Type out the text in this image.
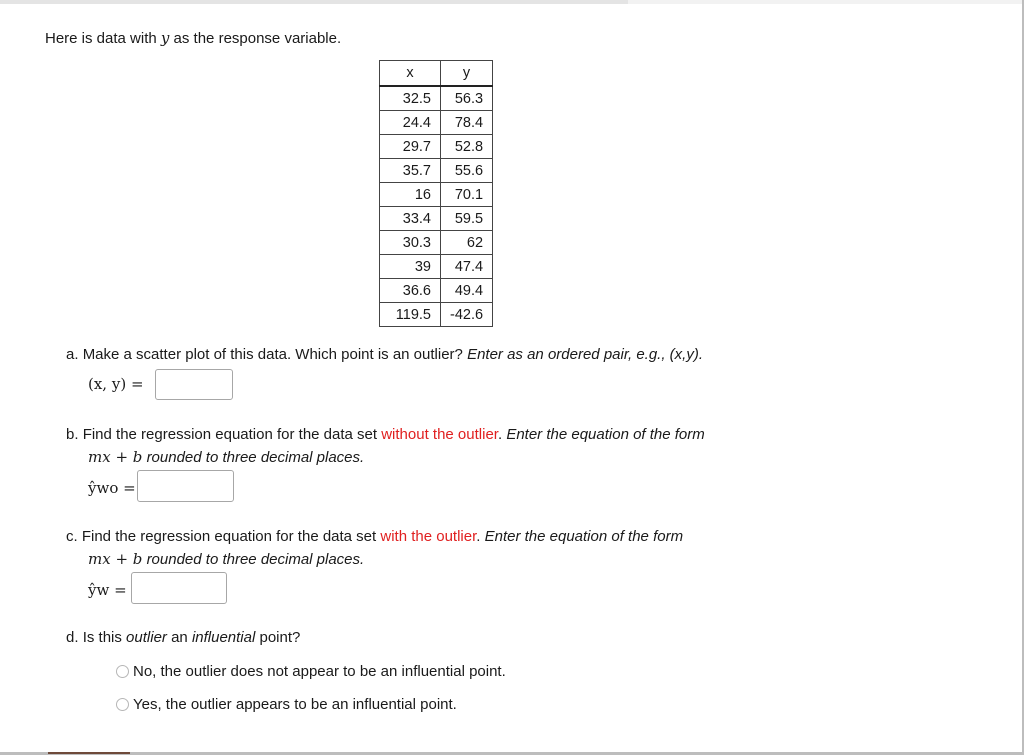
Here is data with y as the response variable.
x	y
32.5	56.3
24.4	78.4
29.7	52.8
35.7	55.6
16	70.1
33.4	59.5
30.3	62
39	47.4
36.6	49.4
119.5	-42.6
a. Make a scatter plot of this data. Which point is an outlier? Enter as an ordered pair, e.g., (x,y).
(x, y) =
b. Find the regression equation for the data set without the outlier. Enter the equation of the form
mx + b rounded to three decimal places.
ŷwo =
c. Find the regression equation for the data set with the outlier. Enter the equation of the form
mx + b rounded to three decimal places.
ŷw =
d. Is this outlier an influential point?
No, the outlier does not appear to be an influential point.
Yes, the outlier appears to be an influential point.
